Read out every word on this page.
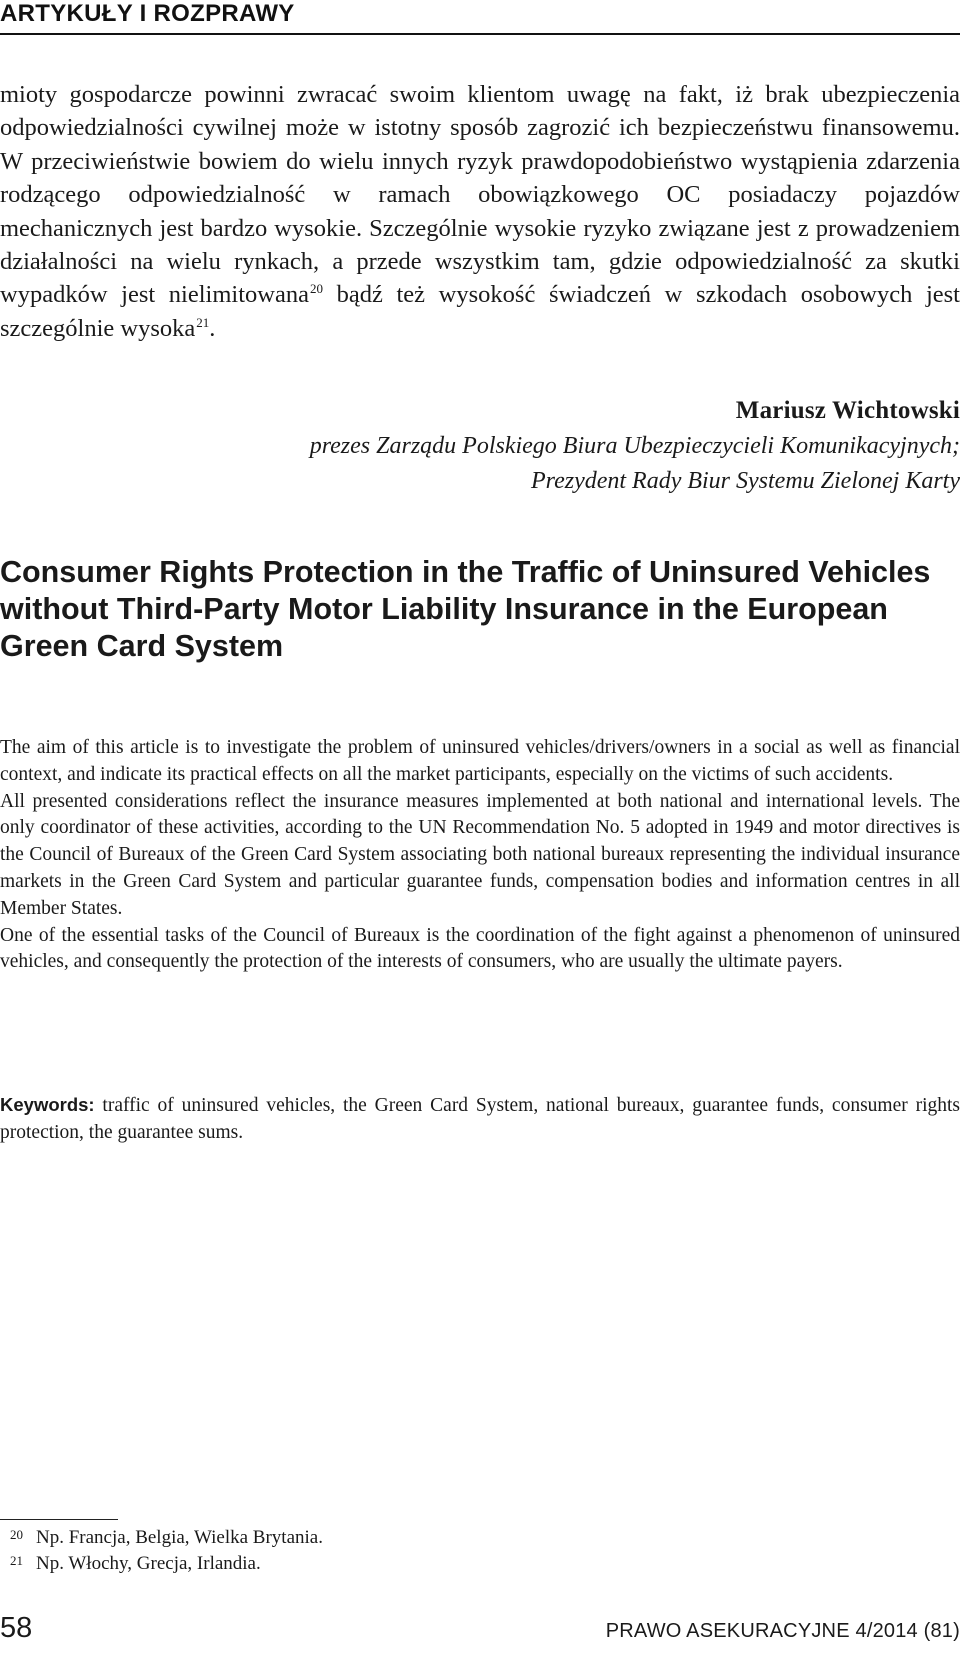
ARTYKUŁY I ROZPRAWY

mioty gospodarcze powinni zwracać swoim klientom uwagę na fakt, iż brak ubezpieczenia odpowiedzialności cywilnej może w istotny sposób zagrozić ich bezpieczeństwu finansowemu. W przeciwieństwie bowiem do wielu innych ryzyk prawdopodobieństwo wystąpienia zdarzenia rodzącego odpowiedzialność w ramach obowiązkowego OC posiadaczy pojazdów mechanicznych jest bardzo wysokie. Szczególnie wysokie ryzyko związane jest z prowadzeniem działalności na wielu rynkach, a przede wszystkim tam, gdzie odpowiedzialność za skutki wypadków jest nielimitowana$^{20}$ bądź też wysokość świadczeń w szkodach osobowych jest szczególnie wysoka$^{21}$.

Mariusz Wichtowski
prezes Zarządu Polskiego Biura Ubezpieczycieli Komunikacyjnych;
Prezydent Rady Biur Systemu Zielonej Karty
Consumer Rights Protection in the Traffic of Uninsured Vehicles without Third-Party Motor Liability Insurance in the European Green Card System

The aim of this article is to investigate the problem of uninsured vehicles/drivers/owners in a social as well as financial context, and indicate its practical effects on all the market participants, especially on the victims of such accidents.

All presented considerations reflect the insurance measures implemented at both national and international levels. The only coordinator of these activities, according to the UN Recommendation No. 5 adopted in 1949 and motor directives is the Council of Bureaux of the Green Card System associating both national bureaux representing the individual insurance markets in the Green Card System and particular guarantee funds, compensation bodies and information centres in all Member States.

One of the essential tasks of the Council of Bureaux is the coordination of the fight against a phenomenon of uninsured vehicles, and consequently the protection of the interests of consumers, who are usually the ultimate payers.

Keywords: traffic of uninsured vehicles, the Green Card System, national bureaux, guarantee funds, consumer rights protection, the guarantee sums.

20 Np. Francja, Belgia, Wielka Brytania.
21 Np. Włochy, Grecja, Irlandia.
58	PRAWO ASEKURACYJNE 4/2014 (81)
